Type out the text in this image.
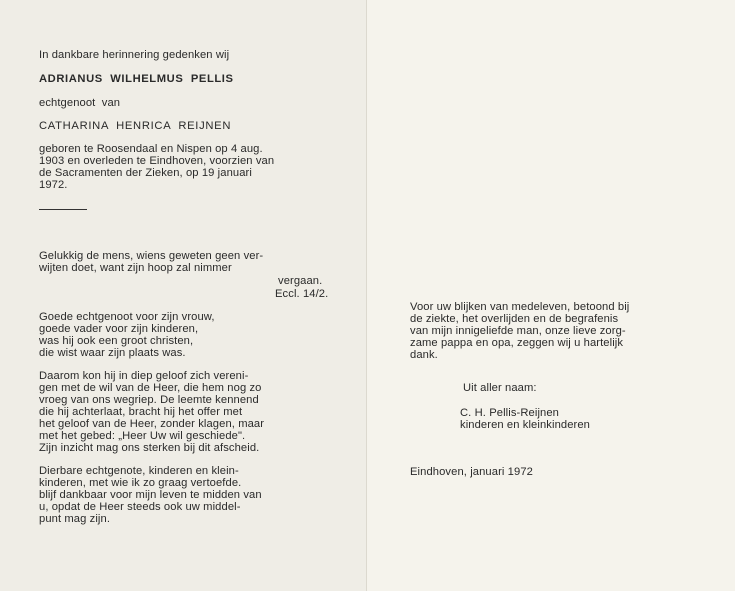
In dankbare herinnering gedenken wij

ADRIANUS  WILHELMUS  PELLIS

echtgenoot  van

CATHARINA  HENRICA  REIJNEN

geboren te Roosendaal en Nispen op 4 aug.

1903 en overleden te Eindhoven, voorzien van

de Sacramenten der Zieken, op 19 januari

1972.

Gelukkig de mens, wiens geweten geen ver-

wijten doet, want zijn hoop zal nimmer

vergaan.

Eccl. 14/2.

Goede echtgenoot voor zijn vrouw,

goede vader voor zijn kinderen,

was hij ook een groot christen,

die wist waar zijn plaats was.

Daarom kon hij in diep geloof zich vereni-

gen met de wil van de Heer, die hem nog zo

vroeg van ons wegriep. De leemte kennend

die hij achterlaat, bracht hij het offer met

het geloof van de Heer, zonder klagen, maar

met het gebed: „Heer Uw wil geschiede".

Zijn inzicht mag ons sterken bij dit afscheid.

Dierbare echtgenote, kinderen en klein-

kinderen, met wie ik zo graag vertoefde.

blijf dankbaar voor mijn leven te midden van

u, opdat de Heer steeds ook uw middel-

punt mag zijn.

Voor uw blijken van medeleven, betoond bij

de ziekte, het overlijden en de begrafenis

van mijn innigeliefde man, onze lieve zorg-

zame pappa en opa, zeggen wij u hartelijk

dank.

Uit aller naam:

C. H. Pellis-Reijnen

kinderen en kleinkinderen

Eindhoven, januari 1972
